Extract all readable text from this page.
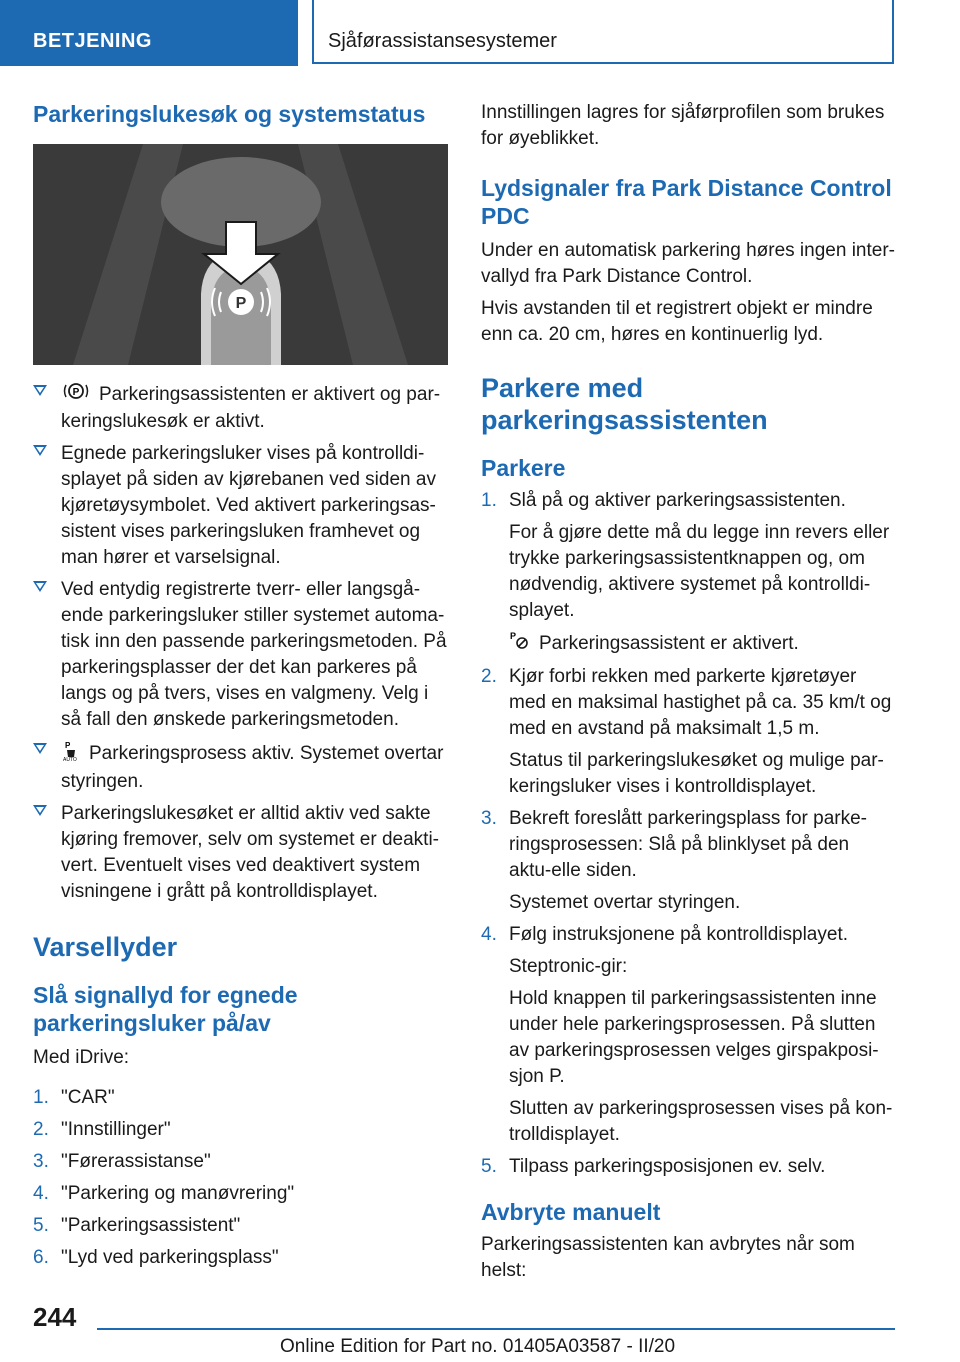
BETJENING	Sjåførassistansesystemer
Parkeringslukesøk og systemstatus
P
P Parkeringsassistenten er aktivert og par-keringslukesøk er aktivt.
Egnede parkeringsluker vises på kontrolldi-splayet på siden av kjørebanen ved siden av kjøretøysymbolet. Ved aktivert parkeringsas-sistent vises parkeringsluken framhevet og man hører et varselsignal.
Ved entydig registrerte tverr- eller langsgå-ende parkeringsluker stiller systemet automa-tisk inn den passende parkeringsmetoden. På parkeringsplasser der det kan parkeres på langs og på tvers, vises en valgmeny. Velg i så fall den ønskede parkeringsmetoden.
P
AUTO Parkeringsprosess aktiv. Systemet overtar styringen.
Parkeringslukesøket er alltid aktiv ved sakte kjøring fremover, selv om systemet er deakti-vert. Eventuelt vises ved deaktivert system visningene i grått på kontrolldisplayet.
Varsellyder
Slå signallyd for egnede parkeringsluker på/av

Med iDrive:

1. "CAR"
2. "Innstillinger"
3. "Førerassistanse"
4. "Parkering og manøvrering"
5. "Parkeringsassistent"
6. "Lyd ved parkeringsplass"

Innstillingen lagres for sjåførprofilen som brukes for øyeblikket.

Lydsignaler fra Park Distance Control PDC

Under en automatisk parkering høres ingen inter-vallyd fra Park Distance Control.

Hvis avstanden til et registrert objekt er mindre enn ca. 20 cm, høres en kontinuerlig lyd.

Parkere med parkeringsassistenten
Parkere
1. Slå på og aktiver parkeringsassistenten.
For å gjøre dette må du legge inn revers eller trykke parkeringsassistentknappen og, om nødvendig, aktivere systemet på kontrolldi-splayet.
P Parkeringsassistent er aktivert.
2. Kjør forbi rekken med parkerte kjøretøyer med en maksimal hastighet på ca. 35 km/t og med en avstand på maksimalt 1,5 m.
Status til parkeringslukesøket og mulige par-keringsluker vises i kontrolldisplayet.
3. Bekreft foreslått parkeringsplass for parke-ringsprosessen: Slå på blinklyset på den aktu-elle siden.
Systemet overtar styringen.
4. Følg instruksjonene på kontrolldisplayet.
Steptronic-gir:
Hold knappen til parkeringsassistenten inne under hele parkeringsprosessen. På slutten av parkeringsprosessen velges girspakposi-sjon P.
Slutten av parkeringsprosessen vises på kon-trolldisplayet.
5. Tilpass parkeringsposisjonen ev. selv.
Avbryte manuelt

Parkeringsassistenten kan avbrytes når som helst:

244
Online Edition for Part no. 01405A03587 - II/20
